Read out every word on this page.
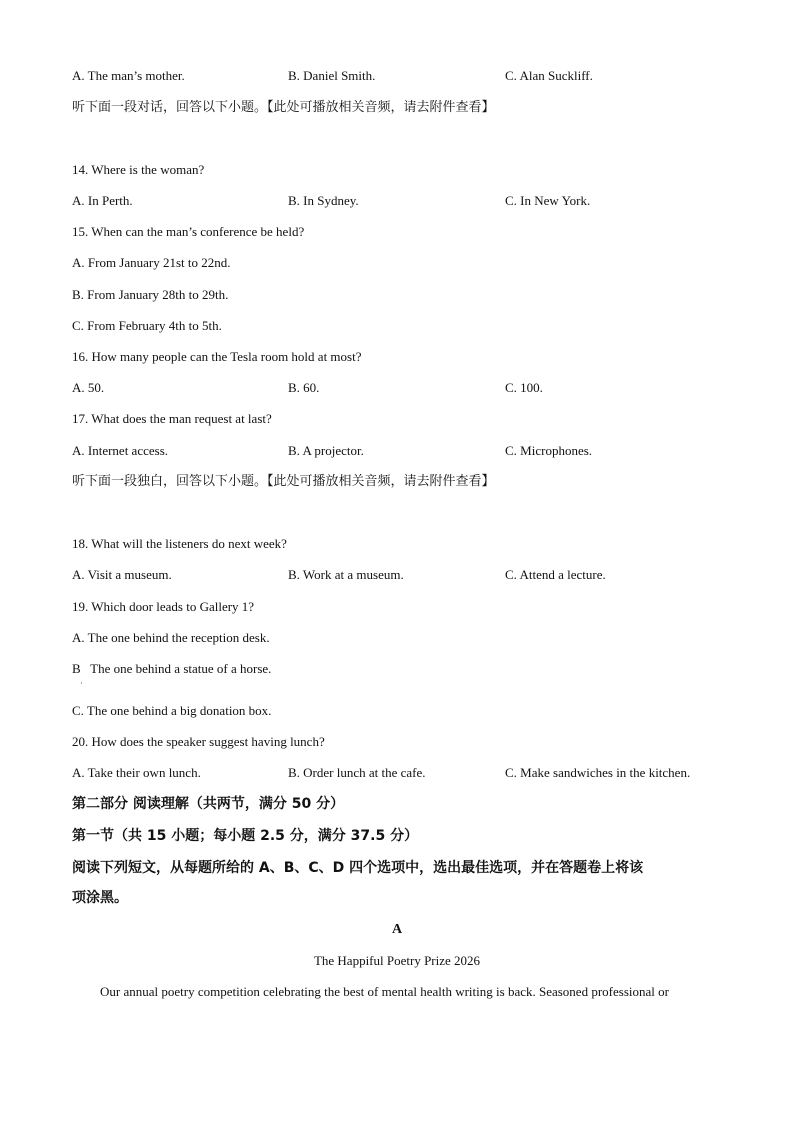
A. The man’s mother.	B. Daniel Smith.	C. Alan Suckliff.
听下面一段对话，回答以下小题。【此处可播放相关音频，请去附件查看】
14. Where is the woman?
A. In Perth.	B. In Sydney.	C. In New York.
15. When can the man’s conference be held?
A. From January 21st to 22nd.
B. From January 28th to 29th.
C. From February 4th to 5th.
16. How many people can the Tesla room hold at most?
A. 50.	B. 60.	C. 100.
17. What does the man request at last?
A. Internet access.	B. A projector.	C. Microphones.
听下面一段独白，回答以下小题。【此处可播放相关音频，请去附件查看】
18. What will the listeners do next week?
A. Visit a museum.	B. Work at a museum.	C. Attend a lecture.
19. Which door leads to Gallery 1?
A. The one behind the reception desk.
B   The one behind a statue of a horse.
·
C. The one behind a big donation box.
20. How does the speaker suggest having lunch?
A. Take their own lunch.	B. Order lunch at the cafe.	C. Make sandwiches in the kitchen.
第二部分 阅读理解（共两节，满分 50 分）
第一节（共 15 小题；每小题 2.5 分，满分 37.5 分）
阅读下列短文，从每题所给的 A、B、C、D 四个选项中，选出最佳选项，并在答题卷上将该
项涂黑。
A
The Happiful Poetry Prize 2026
Our annual poetry competition celebrating the best of mental health writing is back. Seasoned professional or
